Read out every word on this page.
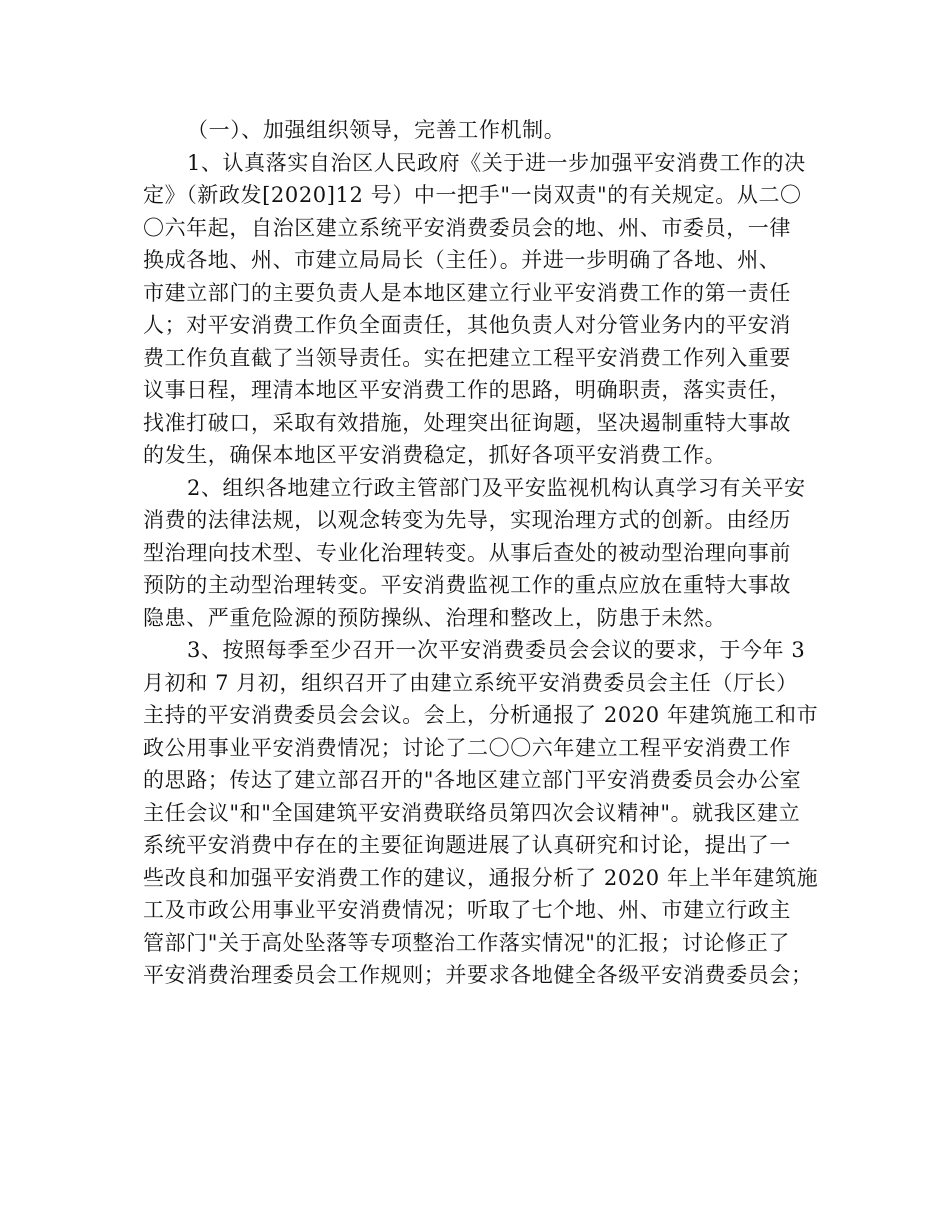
（一）、加强组织领导，完善工作机制。
1、认真落实自治区人民政府《关于进一步加强平安消费工作的决
定》（新政发[2020]12 号）中一把手"一岗双责"的有关规定。从二〇
〇六年起，自治区建立系统平安消费委员会的地、州、市委员，一律
换成各地、州、市建立局局长（主任）。并进一步明确了各地、州、
市建立部门的主要负责人是本地区建立行业平安消费工作的第一责任
人；对平安消费工作负全面责任，其他负责人对分管业务内的平安消
费工作负直截了当领导责任。实在把建立工程平安消费工作列入重要
议事日程，理清本地区平安消费工作的思路，明确职责，落实责任，
找准打破口，采取有效措施，处理突出征询题，坚决遏制重特大事故
的发生，确保本地区平安消费稳定，抓好各项平安消费工作。
2、组织各地建立行政主管部门及平安监视机构认真学习有关平安
消费的法律法规，以观念转变为先导，实现治理方式的创新。由经历
型治理向技术型、专业化治理转变。从事后查处的被动型治理向事前
预防的主动型治理转变。平安消费监视工作的重点应放在重特大事故
隐患、严重危险源的预防操纵、治理和整改上，防患于未然。
3、按照每季至少召开一次平安消费委员会会议的要求，于今年 3
月初和 7 月初，组织召开了由建立系统平安消费委员会主任（厅长）
主持的平安消费委员会会议。会上，分析通报了 2020 年建筑施工和市
政公用事业平安消费情况；讨论了二〇〇六年建立工程平安消费工作
的思路；传达了建立部召开的"各地区建立部门平安消费委员会办公室
主任会议"和"全国建筑平安消费联络员第四次会议精神"。就我区建立
系统平安消费中存在的主要征询题进展了认真研究和讨论，提出了一
些改良和加强平安消费工作的建议，通报分析了 2020 年上半年建筑施
工及市政公用事业平安消费情况；听取了七个地、州、市建立行政主
管部门"关于高处坠落等专项整治工作落实情况"的汇报；讨论修正了
平安消费治理委员会工作规则；并要求各地健全各级平安消费委员会；
